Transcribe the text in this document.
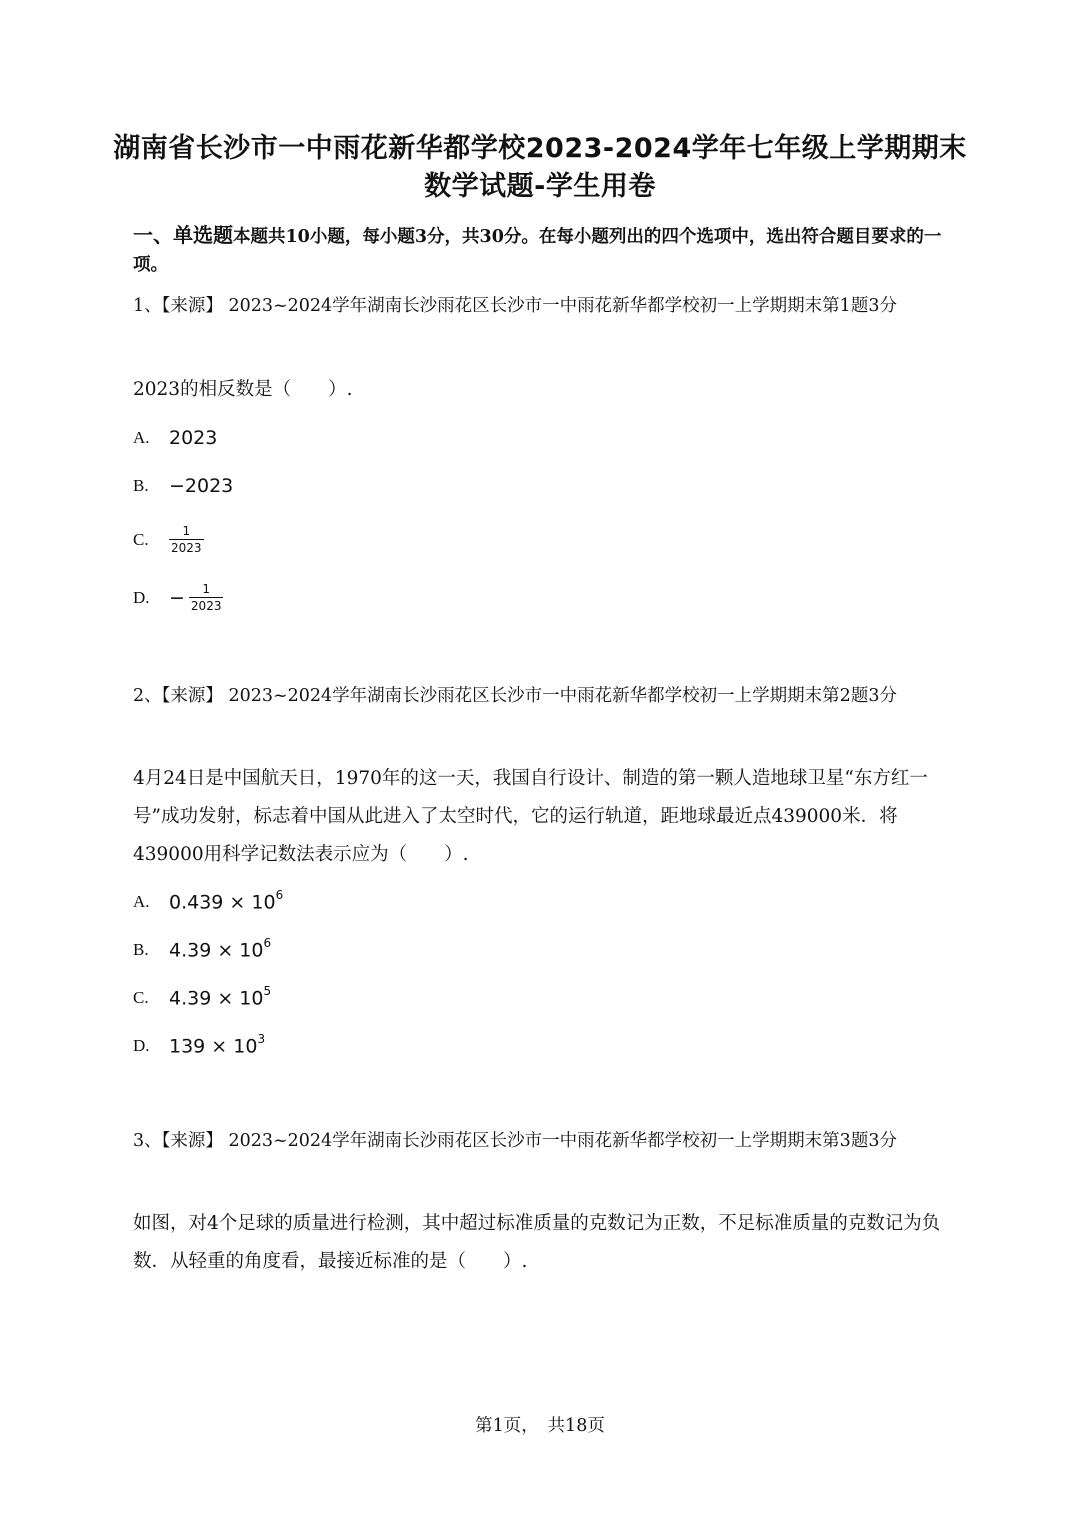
湖南省长沙市一中雨花新华都学校2023-2024学年七年级上学期期末
数学试题-学生用卷
一、单选题本题共10小题，每小题3分，共30分。在每小题列出的四个选项中，选出符合题目要求的一项。
1、【来源】 2023~2024学年湖南长沙雨花区长沙市一中雨花新华都学校初一上学期期末第1题3分
2023的相反数是（　　）.
A.	2023
B.	−2023
C.	$\frac{1}{2023}$
D.	− $\frac{1}{2023}$
2、【来源】 2023~2024学年湖南长沙雨花区长沙市一中雨花新华都学校初一上学期期末第2题3分
4月24日是中国航天日，1970年的这一天，我国自行设计、制造的第一颗人造地球卫星“东方红一号”成功发射，标志着中国从此进入了太空时代，它的运行轨道，距地球最近点439000米．将439000用科学记数法表示应为（　　）.
A.	$0.439 \times 10^6$
B.	$4.39 \times 10^6$
C.	$4.39 \times 10^5$
D.	$139 \times 10^3$
3、【来源】 2023~2024学年湖南长沙雨花区长沙市一中雨花新华都学校初一上学期期末第3题3分
如图，对4个足球的质量进行检测，其中超过标准质量的克数记为正数，不足标准质量的克数记为负数．从轻重的角度看，最接近标准的是（　　）.
第1页，　共18页
